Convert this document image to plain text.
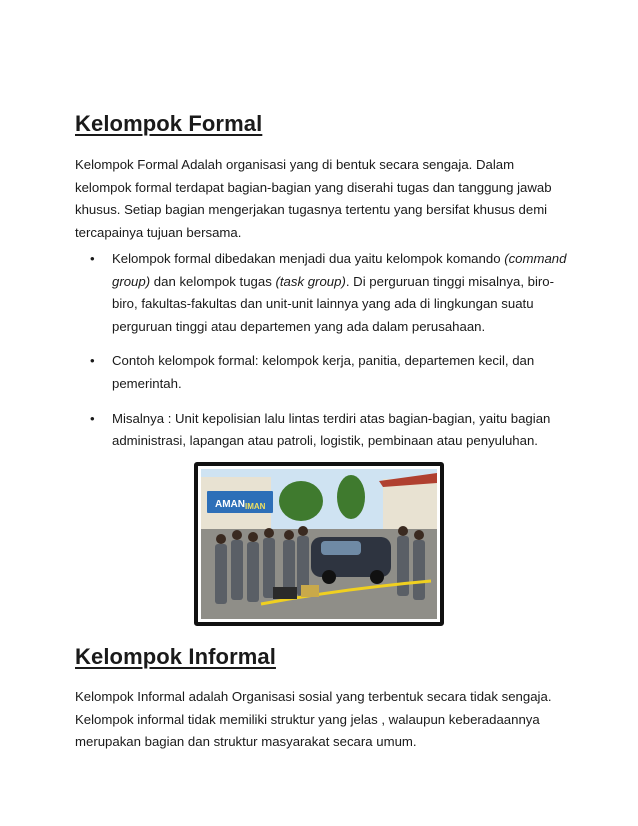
Kelompok Formal

Kelompok Formal Adalah organisasi yang di bentuk secara sengaja. Dalam kelompok formal terdapat bagian-bagian yang diserahi tugas dan tanggung jawab khusus. Setiap bagian mengerjakan tugasnya tertentu yang bersifat khusus demi tercapainya tujuan bersama.

• Kelompok formal dibedakan menjadi dua yaitu kelompok komando (command group) dan kelompok tugas (task group). Di perguruan tinggi misalnya, biro-biro, fakultas-fakultas dan unit-unit lainnya yang ada di lingkungan suatu perguruan tinggi atau departemen yang ada dalam perusahaan.
• Contoh kelompok formal: kelompok kerja, panitia, departemen kecil, dan pemerintah.
• Misalnya : Unit kepolisian lalu lintas terdiri atas bagian-bagian, yaitu bagian administrasi, lapangan atau patroli, logistik, pembinaan atau penyuluhan.
AMAN IMAN
Kelompok Informal

Kelompok Informal adalah Organisasi sosial yang terbentuk secara tidak sengaja. Kelompok informal tidak memiliki struktur yang jelas , walaupun keberadaannya merupakan bagian dan struktur masyarakat secara umum.
